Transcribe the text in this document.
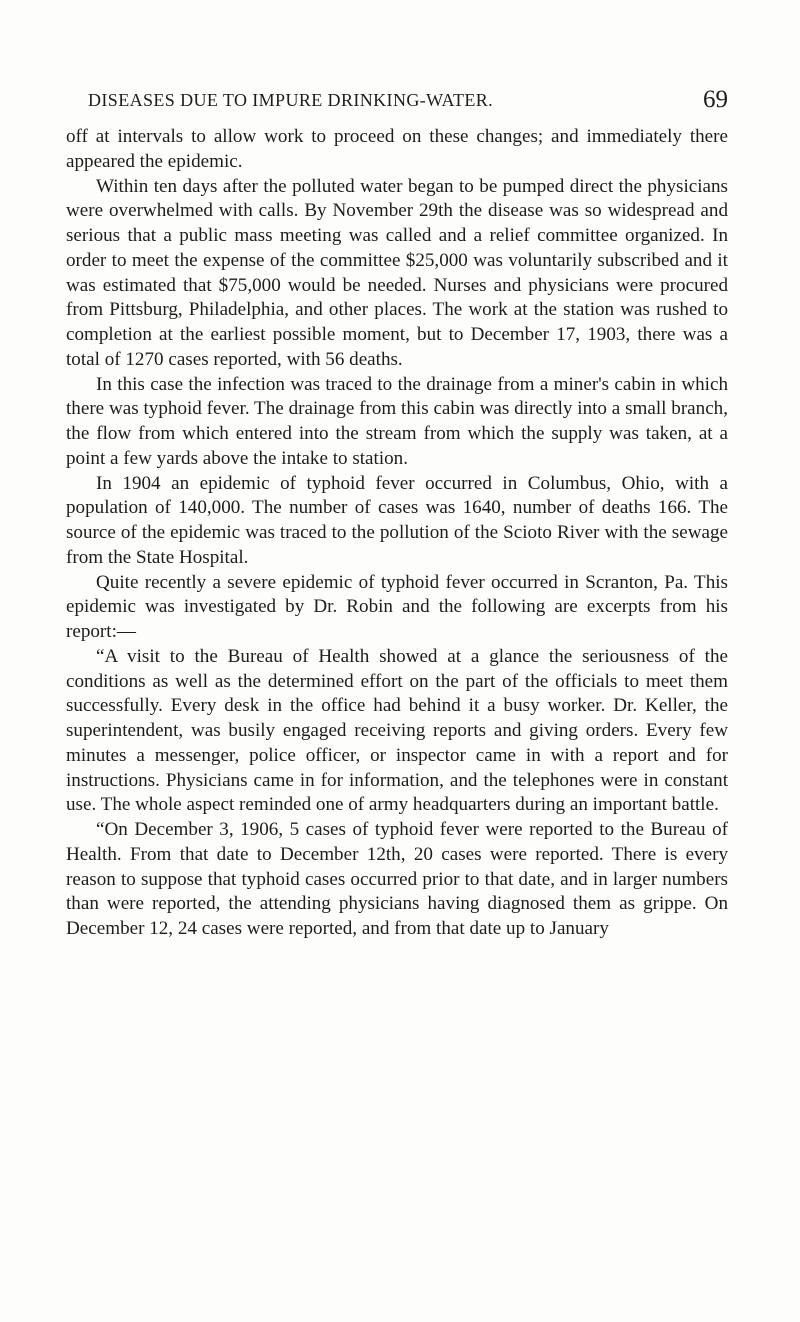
DISEASES DUE TO IMPURE DRINKING-WATER.	69

off at intervals to allow work to proceed on these changes; and immediately there appeared the epidemic.

Within ten days after the polluted water began to be pumped direct the physicians were overwhelmed with calls. By November 29th the disease was so widespread and serious that a public mass meeting was called and a relief committee organized. In order to meet the expense of the committee $25,000 was voluntarily subscribed and it was estimated that $75,000 would be needed. Nurses and physicians were procured from Pittsburg, Philadelphia, and other places. The work at the station was rushed to completion at the earliest possible moment, but to December 17, 1903, there was a total of 1270 cases reported, with 56 deaths.

In this case the infection was traced to the drainage from a miner's cabin in which there was typhoid fever. The drainage from this cabin was directly into a small branch, the flow from which entered into the stream from which the supply was taken, at a point a few yards above the intake to station.

In 1904 an epidemic of typhoid fever occurred in Columbus, Ohio, with a population of 140,000. The number of cases was 1640, number of deaths 166. The source of the epidemic was traced to the pollution of the Scioto River with the sewage from the State Hospital.

Quite recently a severe epidemic of typhoid fever occurred in Scranton, Pa. This epidemic was investigated by Dr. Robin and the following are excerpts from his report:—

“A visit to the Bureau of Health showed at a glance the seriousness of the conditions as well as the determined effort on the part of the officials to meet them successfully. Every desk in the office had behind it a busy worker. Dr. Keller, the superintendent, was busily engaged receiving reports and giving orders. Every few minutes a messenger, police officer, or inspector came in with a report and for instructions. Physicians came in for information, and the telephones were in constant use. The whole aspect reminded one of army headquarters during an important battle.

“On December 3, 1906, 5 cases of typhoid fever were reported to the Bureau of Health. From that date to December 12th, 20 cases were reported. There is every reason to suppose that typhoid cases occurred prior to that date, and in larger numbers than were reported, the attending physicians having diagnosed them as grippe. On December 12, 24 cases were reported, and from that date up to January
